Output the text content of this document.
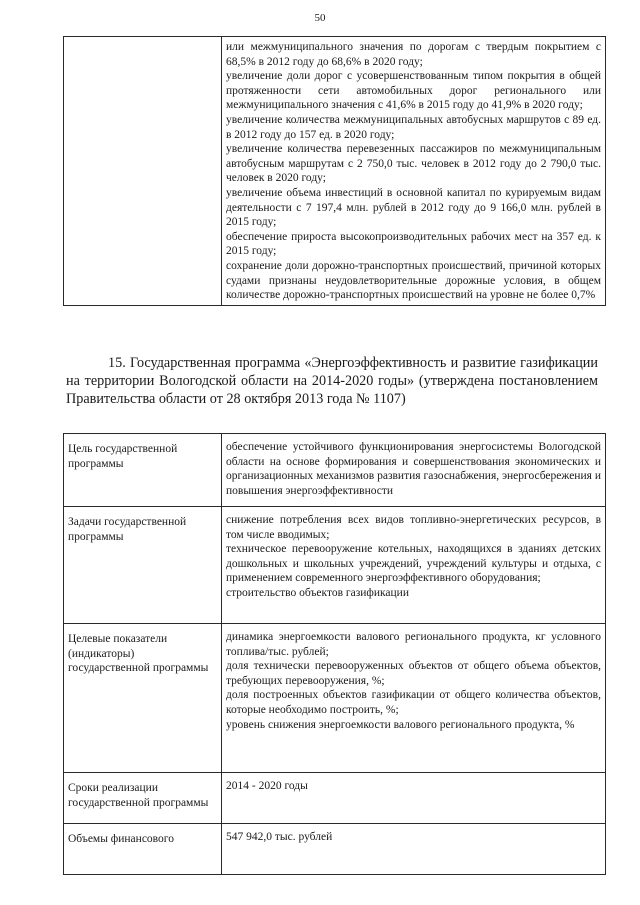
50

или межмуниципального значения по дорогам с твердым покрытием с 68,5% в 2012 году до 68,6% в 2020 году;
увеличение доли дорог с усовершенствованным типом покрытия в общей протяженности сети автомобильных дорог регионального или межмуниципального значения с 41,6% в 2015 году до 41,9% в 2020 году;
увеличение количества межмуниципальных автобусных маршрутов с 89 ед. в 2012 году до 157 ед. в 2020 году;
увеличение количества перевезенных пассажиров по межмуниципальным автобусным маршрутам с 2 750,0 тыс. человек в 2012 году до 2 790,0 тыс. человек в 2020 году;
увеличение объема инвестиций в основной капитал по курируемым видам деятельности с 7 197,4 млн. рублей в 2012 году до 9 166,0 млн. рублей в 2015 году;
обеспечение прироста высокопроизводительных рабочих мест на 357 ед. к 2015 году;
сохранение доли дорожно-транспортных происшествий, причиной которых судами признаны неудовлетворительные дорожные условия, в общем количестве дорожно-транспортных происшествий на уровне не более 0,7%
15. Государственная программа «Энергоэффективность и развитие газификации на территории Вологодской области на 2014-2020 годы» (утверждена постановлением Правительства области от 28 октября 2013 года № 1107)
Цель государственной программы	обеспечение устойчивого функционирования энергосистемы Вологодской области на основе формирования и совершенствования экономических и организационных механизмов развития газоснабжения, энергосбережения и повышения энергоэффективности

Задачи государственной программы	снижение потребления всех видов топливно-энергетических ресурсов, в том числе вводимых;
техническое перевооружение котельных, находящихся в зданиях детских дошкольных и школьных учреждений, учреждений культуры и отдыха, с применением современного энергоэффективного оборудования;
строительство объектов газификации

Целевые показатели (индикаторы) государственной программы	динамика энергоемкости валового регионального продукта, кг условного топлива/тыс. рублей;
доля технически перевооруженных объектов от общего объема объектов, требующих перевооружения, %;
доля построенных объектов газификации от общего количества объектов, которые необходимо построить, %;
уровень снижения энергоемкости валового регионального продукта, %

Сроки реализации государственной программы	2014 - 2020 годы
Объемы финансового	547 942,0 тыс. рублей
